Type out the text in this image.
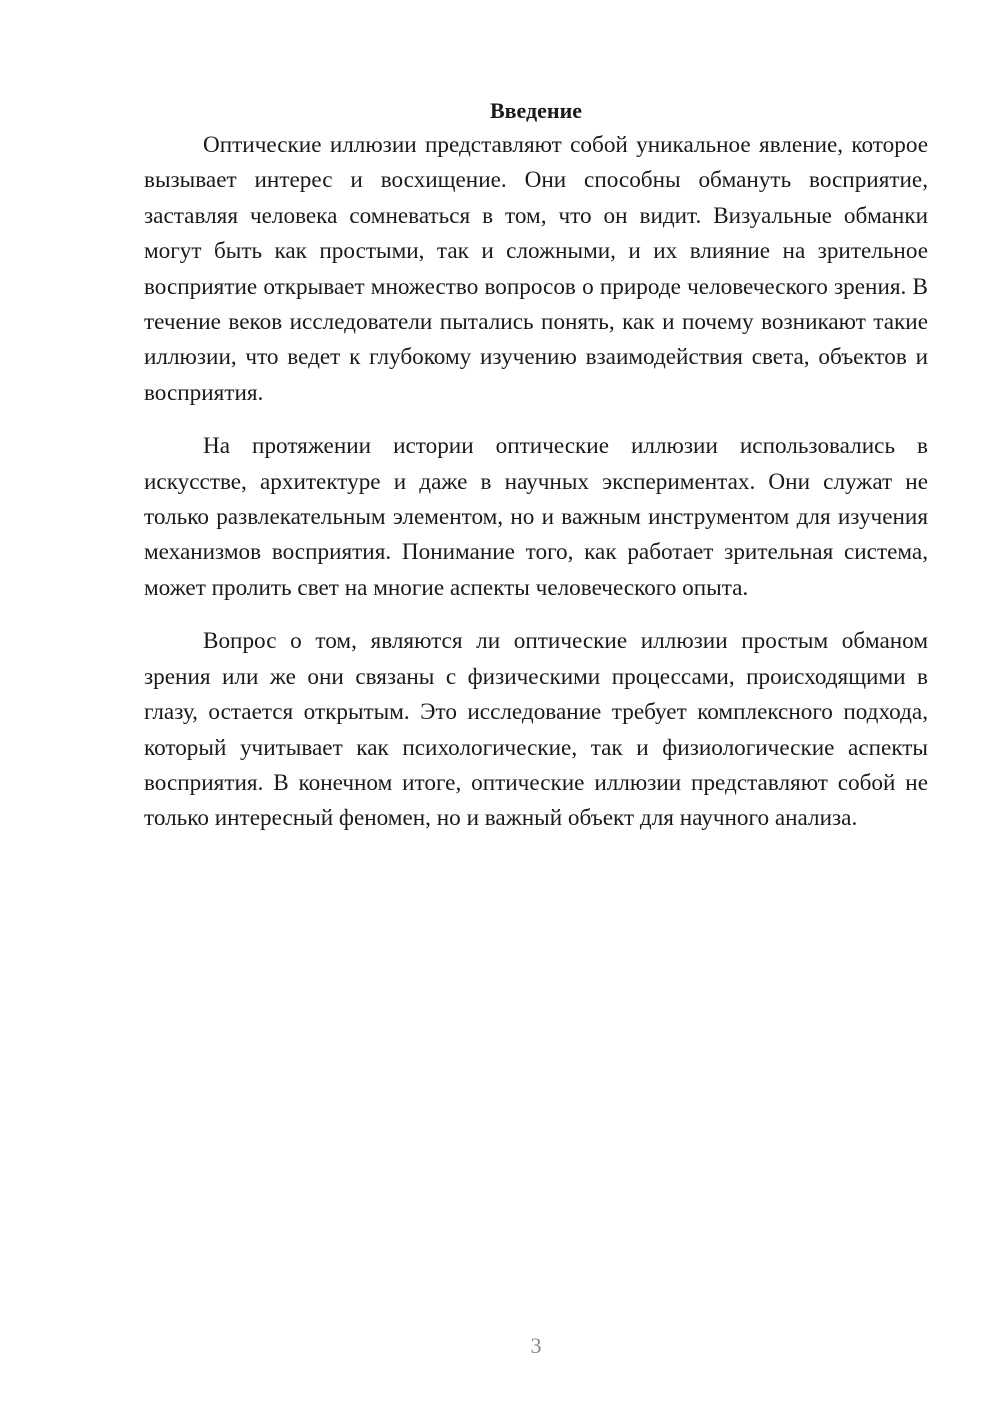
Введение

Оптические иллюзии представляют собой уникальное явление, которое вызывает интерес и восхищение. Они способны обмануть восприятие, заставляя человека сомневаться в том, что он видит. Визуальные обманки могут быть как простыми, так и сложными, и их влияние на зрительное восприятие открывает множество вопросов о природе человеческого зрения. В течение веков исследователи пытались понять, как и почему возникают такие иллюзии, что ведет к глубокому изучению взаимодействия света, объектов и восприятия.

На протяжении истории оптические иллюзии использовались в искусстве, архитектуре и даже в научных экспериментах. Они служат не только развлекательным элементом, но и важным инструментом для изучения механизмов восприятия. Понимание того, как работает зрительная система, может пролить свет на многие аспекты человеческого опыта.

Вопрос о том, являются ли оптические иллюзии простым обманом зрения или же они связаны с физическими процессами, происходящими в глазу, остается открытым. Это исследование требует комплексного подхода, который учитывает как психологические, так и физиологические аспекты восприятия. В конечном итоге, оптические иллюзии представляют собой не только интересный феномен, но и важный объект для научного анализа.

3
